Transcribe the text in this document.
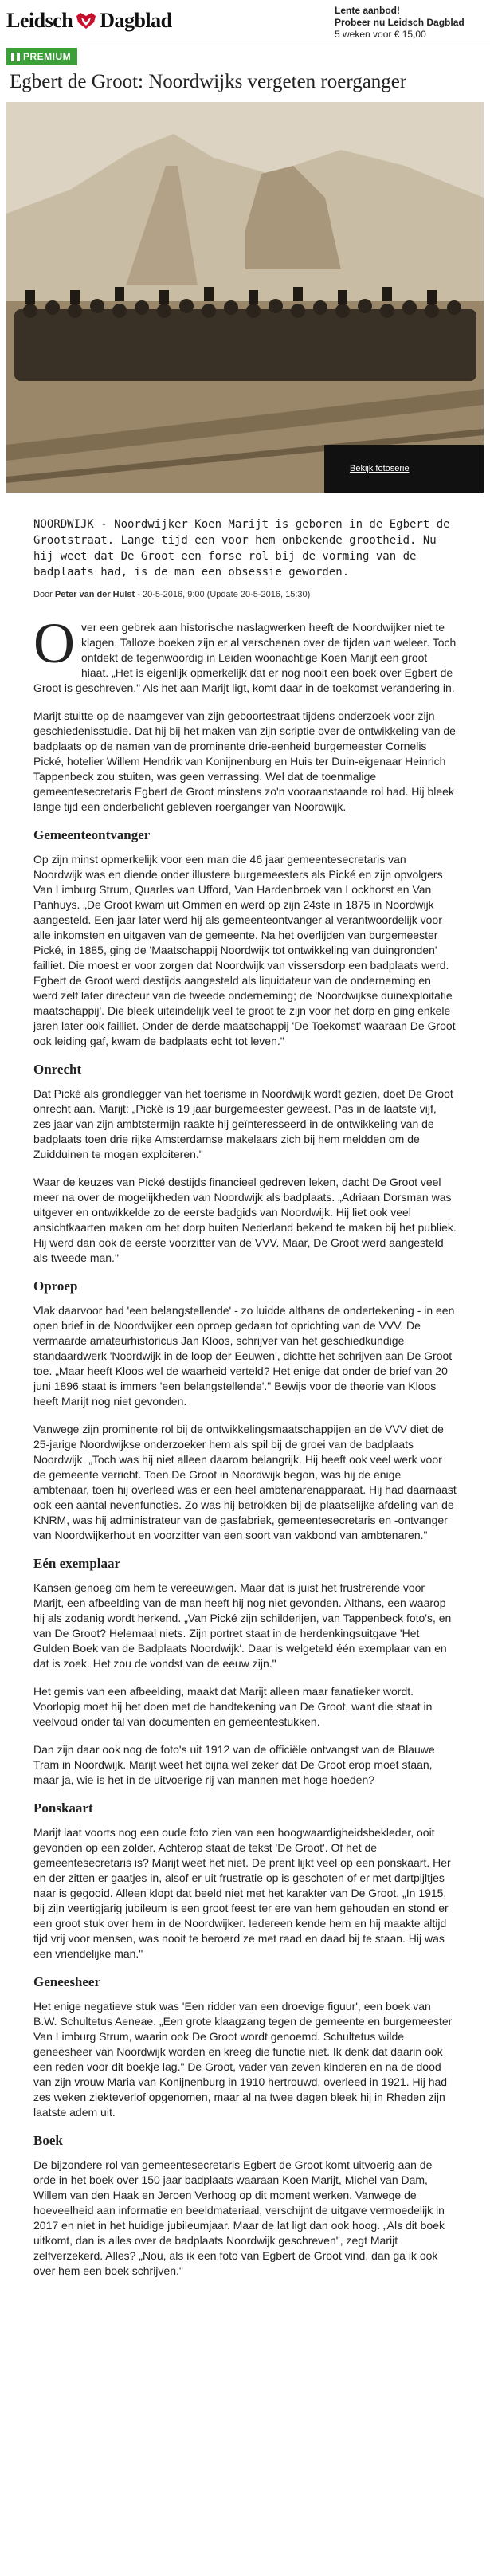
Leidsch Dagblad	Lente aanbod!
Probeer nu Leidsch Dagblad
5 weken voor € 15,00
PREMIUM
Egbert de Groot: Noordwijks vergeten roerganger
Bekijk fotoserie

NOORDWIJK - Noordwijker Koen Marijt is geboren in de Egbert de Grootstraat. Lange tijd een voor hem onbekende grootheid. Nu hij weet dat De Groot een forse rol bij de vorming van de badplaats had, is de man een obsessie geworden.

Door Peter van der Hulst - 20-5-2016, 9:00 (Update 20-5-2016, 15:30)

Over een gebrek aan historische naslagwerken heeft de Noordwijker niet te klagen. Talloze boeken zijn er al verschenen over de tijden van weleer. Toch ontdekt de tegenwoordig in Leiden woonachtige Koen Marijt een groot hiaat. „Het is eigenlijk opmerkelijk dat er nog nooit een boek over Egbert de Groot is geschreven." Als het aan Marijt ligt, komt daar in de toekomst verandering in.

Marijt stuitte op de naamgever van zijn geboortestraat tijdens onderzoek voor zijn geschiedenisstudie. Dat hij bij het maken van zijn scriptie over de ontwikkeling van de badplaats op de namen van de prominente drie-eenheid burgemeester Cornelis Pické, hotelier Willem Hendrik van Konijnenburg en Huis ter Duin-eigenaar Heinrich Tappenbeck zou stuiten, was geen verrassing. Wel dat de toenmalige gemeentesecretaris Egbert de Groot minstens zo'n vooraanstaande rol had. Hij bleek lange tijd een onderbelicht gebleven roerganger van Noordwijk.

Gemeenteontvanger

Op zijn minst opmerkelijk voor een man die 46 jaar gemeentesecretaris van Noordwijk was en diende onder illustere burgemeesters als Pické en zijn opvolgers Van Limburg Strum, Quarles van Ufford, Van Hardenbroek van Lockhorst en Van Panhuys. „De Groot kwam uit Ommen en werd op zijn 24ste in 1875 in Noordwijk aangesteld. Een jaar later werd hij als gemeenteontvanger al verantwoordelijk voor alle inkomsten en uitgaven van de gemeente. Na het overlijden van burgemeester Pické, in 1885, ging de 'Maatschappij Noordwijk tot ontwikkeling van duingronden' failliet. Die moest er voor zorgen dat Noordwijk van vissersdorp een badplaats werd. Egbert de Groot werd destijds aangesteld als liquidateur van de onderneming en werd zelf later directeur van de tweede onderneming; de 'Noordwijkse duinexploitatie maatschappij'. Die bleek uiteindelijk veel te groot te zijn voor het dorp en ging enkele jaren later ook failliet. Onder de derde maatschappij 'De Toekomst' waaraan De Groot ook leiding gaf, kwam de badplaats echt tot leven."

Onrecht

Dat Pické als grondlegger van het toerisme in Noordwijk wordt gezien, doet De Groot onrecht aan. Marijt: „Pické is 19 jaar burgemeester geweest. Pas in de laatste vijf, zes jaar van zijn ambtstermijn raakte hij geïnteresseerd in de ontwikkeling van de badplaats toen drie rijke Amsterdamse makelaars zich bij hem meldden om de Zuidduinen te mogen exploiteren."

Waar de keuzes van Pické destijds financieel gedreven leken, dacht De Groot veel meer na over de mogelijkheden van Noordwijk als badplaats. „Adriaan Dorsman was uitgever en ontwikkelde zo de eerste badgids van Noordwijk. Hij liet ook veel ansichtkaarten maken om het dorp buiten Nederland bekend te maken bij het publiek. Hij werd dan ook de eerste voorzitter van de VVV. Maar, De Groot werd aangesteld als tweede man."

Oproep

Vlak daarvoor had 'een belangstellende' - zo luidde althans de ondertekening - in een open brief in de Noordwijker een oproep gedaan tot oprichting van de VVV. De vermaarde amateurhistoricus Jan Kloos, schrijver van het geschiedkundige standaardwerk 'Noordwijk in de loop der Eeuwen', dichtte het schrijven aan De Groot toe. „Maar heeft Kloos wel de waarheid verteld? Het enige dat onder de brief van 20 juni 1896 staat is immers 'een belangstellende'." Bewijs voor de theorie van Kloos heeft Marijt nog niet gevonden.

Vanwege zijn prominente rol bij de ontwikkelingsmaatschappijen en de VVV diet de 25-jarige Noordwijkse onderzoeker hem als spil bij de groei van de badplaats Noordwijk. „Toch was hij niet alleen daarom belangrijk. Hij heeft ook veel werk voor de gemeente verricht. Toen De Groot in Noordwijk begon, was hij de enige ambtenaar, toen hij overleed was er een heel ambtenarenapparaat. Hij had daarnaast ook een aantal nevenfuncties. Zo was hij betrokken bij de plaatselijke afdeling van de KNRM, was hij administrateur van de gasfabriek, gemeentesecretaris en -ontvanger van Noordwijkerhout en voorzitter van een soort van vakbond van ambtenaren."

Eén exemplaar

Kansen genoeg om hem te vereeuwigen. Maar dat is juist het frustrerende voor Marijt, een afbeelding van de man heeft hij nog niet gevonden. Althans, een waarop hij als zodanig wordt herkend. „Van Pické zijn schilderijen, van Tappenbeck foto's, en van De Groot? Helemaal niets. Zijn portret staat in de herdenkingsuitgave 'Het Gulden Boek van de Badplaats Noordwijk'. Daar is welgeteld één exemplaar van en dat is zoek. Het zou de vondst van de eeuw zijn."

Het gemis van een afbeelding, maakt dat Marijt alleen maar fanatieker wordt. Voorlopig moet hij het doen met de handtekening van De Groot, want die staat in veelvoud onder tal van documenten en gemeentestukken.

Dan zijn daar ook nog de foto's uit 1912 van de officiële ontvangst van de Blauwe Tram in Noordwijk. Marijt weet het bijna wel zeker dat De Groot erop moet staan, maar ja, wie is het in de uitvoerige rij van mannen met hoge hoeden?

Ponskaart

Marijt laat voorts nog een oude foto zien van een hoogwaardigheidsbekleder, ooit gevonden op een zolder. Achterop staat de tekst 'De Groot'. Of het de gemeentesecretaris is? Marijt weet het niet. De prent lijkt veel op een ponskaart. Her en der zitten er gaatjes in, alsof er uit frustratie op is geschoten of er met dartpijltjes naar is gegooid. Alleen klopt dat beeld niet met het karakter van De Groot. „In 1915, bij zijn veertigjarig jubileum is een groot feest ter ere van hem gehouden en stond er een groot stuk over hem in de Noordwijker. Iedereen kende hem en hij maakte altijd tijd vrij voor mensen, was nooit te beroerd ze met raad en daad bij te staan. Hij was een vriendelijke man."

Geneesheer

Het enige negatieve stuk was 'Een ridder van een droevige figuur', een boek van B.W. Schultetus Aeneae. „Een grote klaagzang tegen de gemeente en burgemeester Van Limburg Strum, waarin ook De Groot wordt genoemd. Schultetus wilde geneesheer van Noordwijk worden en kreeg die functie niet. Ik denk dat daarin ook een reden voor dit boekje lag." De Groot, vader van zeven kinderen en na de dood van zijn vrouw Maria van Konijnenburg in 1910 hertrouwd, overleed in 1921. Hij had zes weken ziekteverlof opgenomen, maar al na twee dagen bleek hij in Rheden zijn laatste adem uit.

Boek

De bijzondere rol van gemeentesecretaris Egbert de Groot komt uitvoerig aan de orde in het boek over 150 jaar badplaats waaraan Koen Marijt, Michel van Dam, Willem van den Haak en Jeroen Verhoog op dit moment werken. Vanwege de hoeveelheid aan informatie en beeldmateriaal, verschijnt de uitgave vermoedelijk in 2017 en niet in het huidige jubileumjaar. Maar de lat ligt dan ook hoog. „Als dit boek uitkomt, dan is alles over de badplaats Noordwijk geschreven", zegt Marijt zelfverzekerd. Alles? „Nou, als ik een foto van Egbert de Groot vind, dan ga ik ook over hem een boek schrijven."
